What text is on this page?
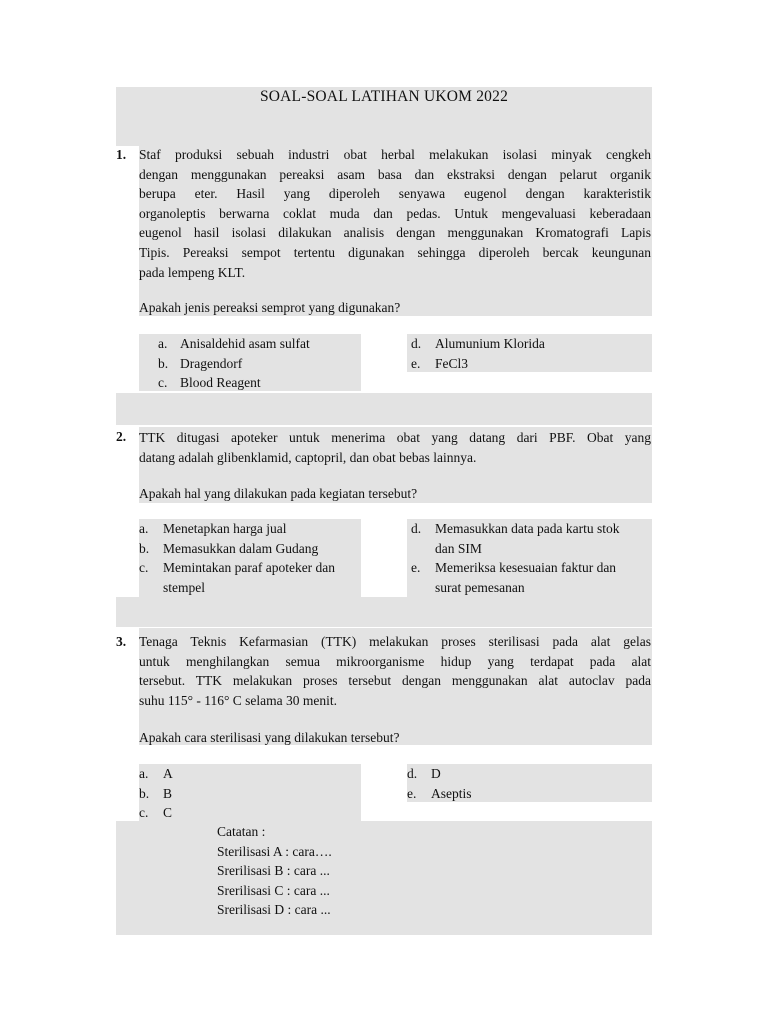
SOAL-SOAL LATIHAN UKOM 2022
1. Staf produksi sebuah industri obat herbal melakukan isolasi minyak cengkeh
dengan menggunakan pereaksi asam basa dan ekstraksi dengan pelarut organik
berupa eter. Hasil yang diperoleh senyawa eugenol dengan karakteristik
organoleptis berwarna coklat muda dan pedas. Untuk mengevaluasi keberadaan
eugenol hasil isolasi dilakukan analisis dengan menggunakan Kromatografi Lapis
Tipis. Pereaksi sempot tertentu digunakan sehingga diperoleh bercak keungunan
pada lempeng KLT.
Apakah jenis pereaksi semprot yang digunakan?
a. Anisaldehid asam sulfat
b. Dragendorf
c. Blood Reagent
d. Alumunium Klorida
e. FeCl3
2. TTK ditugasi apoteker untuk menerima obat yang datang dari PBF. Obat yang
datang adalah glibenklamid, captopril, dan obat bebas lainnya.
Apakah hal yang dilakukan pada kegiatan tersebut?
a. Menetapkan harga jual
b. Memasukkan dalam Gudang
c. Memintakan paraf apoteker dan
stempel
d. Memasukkan data pada kartu stok
dan SIM
e. Memeriksa kesesuaian faktur dan
surat pemesanan
3. Tenaga Teknis Kefarmasian (TTK) melakukan proses sterilisasi pada alat gelas
untuk menghilangkan semua mikroorganisme hidup yang terdapat pada alat
tersebut. TTK melakukan proses tersebut dengan menggunakan alat autoclav pada
suhu 115° - 116° C selama 30 menit.
Apakah cara sterilisasi yang dilakukan tersebut?
a. A
b. B
c. C
d. D
e. Aseptis
Catatan :
Sterilisasi A : cara….
Srerilisasi B : cara ...
Srerilisasi C : cara ...
Srerilisasi D : cara ...
